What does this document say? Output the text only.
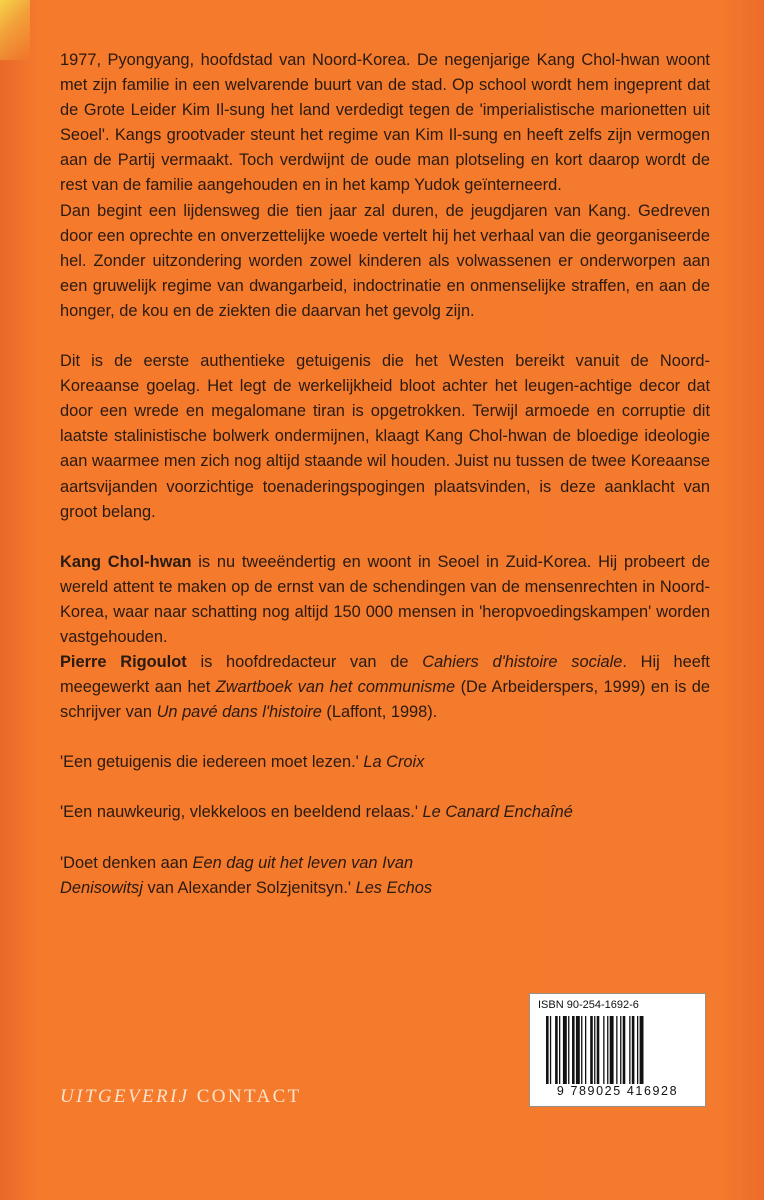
1977, Pyongyang, hoofdstad van Noord-Korea. De negenjarige Kang Chol-hwan woont met zijn familie in een welvarende buurt van de stad. Op school wordt hem ingeprent dat de Grote Leider Kim Il-sung het land verdedigt tegen de 'imperialistische marionetten uit Seoel'. Kangs grootvader steunt het regime van Kim Il-sung en heeft zelfs zijn vermogen aan de Partij vermaakt. Toch verdwijnt de oude man plotseling en kort daarop wordt de rest van de familie aangehouden en in het kamp Yudok geïnterneerd.

Dan begint een lijdensweg die tien jaar zal duren, de jeugdjaren van Kang. Gedreven door een oprechte en onverzettelijke woede vertelt hij het verhaal van die georganiseerde hel. Zonder uitzondering worden zowel kinderen als volwassenen er onderworpen aan een gruwelijk regime van dwangarbeid, indoctrinatie en onmenselijke straffen, en aan de honger, de kou en de ziekten die daarvan het gevolg zijn.

Dit is de eerste authentieke getuigenis die het Westen bereikt vanuit de Noord-Koreaanse goelag. Het legt de werkelijkheid bloot achter het leugen-achtige decor dat door een wrede en megalomane tiran is opgetrokken. Terwijl armoede en corruptie dit laatste stalinistische bolwerk ondermijnen, klaagt Kang Chol-hwan de bloedige ideologie aan waarmee men zich nog altijd staande wil houden. Juist nu tussen de twee Koreaanse aartsvijanden voorzichtige toenaderingspogingen plaatsvinden, is deze aanklacht van groot belang.

Kang Chol-hwan is nu tweeëndertig en woont in Seoel in Zuid-Korea. Hij probeert de wereld attent te maken op de ernst van de schendingen van de mensenrechten in Noord-Korea, waar naar schatting nog altijd 150 000 mensen in 'heropvoedingskampen' worden vastgehouden.

Pierre Rigoulot is hoofdredacteur van de Cahiers d'histoire sociale. Hij heeft meegewerkt aan het Zwartboek van het communisme (De Arbeiderspers, 1999) en is de schrijver van Un pavé dans l'histoire (Laffont, 1998).

'Een getuigenis die iedereen moet lezen.' La Croix

'Een nauwkeurig, vlekkeloos en beeldend relaas.' Le Canard Enchaîné

'Doet denken aan Een dag uit het leven van Ivan Denisowitsj van Alexander Solzjenitsyn.' Les Echos

ISBN 90-254-1692-6
9 789025 416928
UITGEVERIJ CONTACT
